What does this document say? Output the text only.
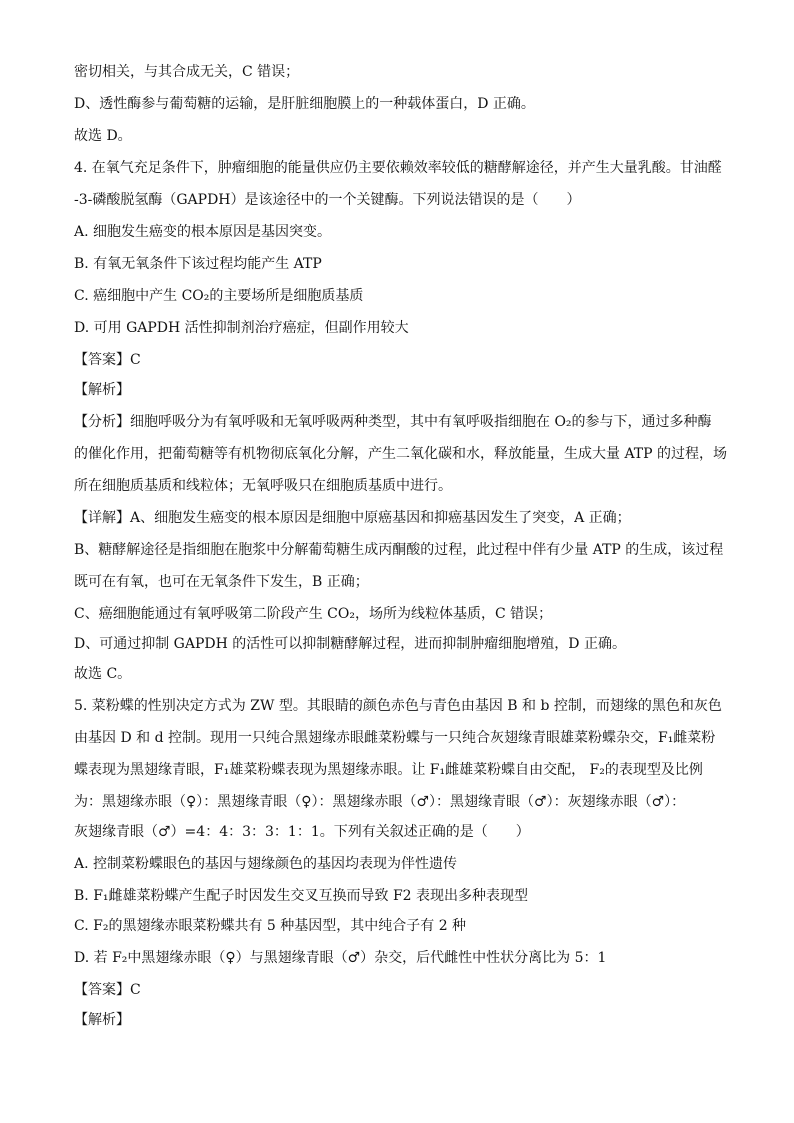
密切相关，与其合成无关，C 错误；
D、透性酶参与葡萄糖的运输，是肝脏细胞膜上的一种载体蛋白，D 正确。
故选 D。
4. 在氧气充足条件下，肿瘤细胞的能量供应仍主要依赖效率较低的糖酵解途径，并产生大量乳酸。甘油醛
-3-磷酸脱氢酶（GAPDH）是该途径中的一个关键酶。下列说法错误的是（　　）
A. 细胞发生癌变的根本原因是基因突变。
B. 有氧无氧条件下该过程均能产生 ATP
C. 癌细胞中产生 CO₂的主要场所是细胞质基质
D. 可用 GAPDH 活性抑制剂治疗癌症，但副作用较大
【答案】C
【解析】
【分析】细胞呼吸分为有氧呼吸和无氧呼吸两种类型，其中有氧呼吸指细胞在 O₂的参与下，通过多种酶
的催化作用，把葡萄糖等有机物彻底氧化分解，产生二氧化碳和水，释放能量，生成大量 ATP 的过程，场
所在细胞质基质和线粒体；无氧呼吸只在细胞质基质中进行。
【详解】A、细胞发生癌变的根本原因是细胞中原癌基因和抑癌基因发生了突变，A 正确；
B、糖酵解途径是指细胞在胞浆中分解葡萄糖生成丙酮酸的过程，此过程中伴有少量 ATP 的生成，该过程
既可在有氧，也可在无氧条件下发生，B 正确；
C、癌细胞能通过有氧呼吸第二阶段产生 CO₂，场所为线粒体基质，C 错误；
D、可通过抑制 GAPDH 的活性可以抑制糖酵解过程，进而抑制肿瘤细胞增殖，D 正确。
故选 C。
5. 菜粉蝶的性别决定方式为 ZW 型。其眼睛的颜色赤色与青色由基因 B 和 b 控制，而翅缘的黑色和灰色
由基因 D 和 d 控制。现用一只纯合黑翅缘赤眼雌菜粉蝶与一只纯合灰翅缘青眼雄菜粉蝶杂交，F₁雌菜粉
蝶表现为黑翅缘青眼，F₁雄菜粉蝶表现为黑翅缘赤眼。让 F₁雌雄菜粉蝶自由交配， F₂的表现型及比例
为：黑翅缘赤眼（♀）：黑翅缘青眼（♀）：黑翅缘赤眼（♂）：黑翅缘青眼（♂）：灰翅缘赤眼（♂）：
灰翅缘青眼（♂）=4：4：3：3：1：1。下列有关叙述正确的是（　　）
A. 控制菜粉蝶眼色的基因与翅缘颜色的基因均表现为伴性遗传
B. F₁雌雄菜粉蝶产生配子时因发生交叉互换而导致 F2 表现出多种表现型
C. F₂的黑翅缘赤眼菜粉蝶共有 5 种基因型，其中纯合子有 2 种
D. 若 F₂中黑翅缘赤眼（♀）与黑翅缘青眼（♂）杂交，后代雌性中性状分离比为 5：1
【答案】C
【解析】
